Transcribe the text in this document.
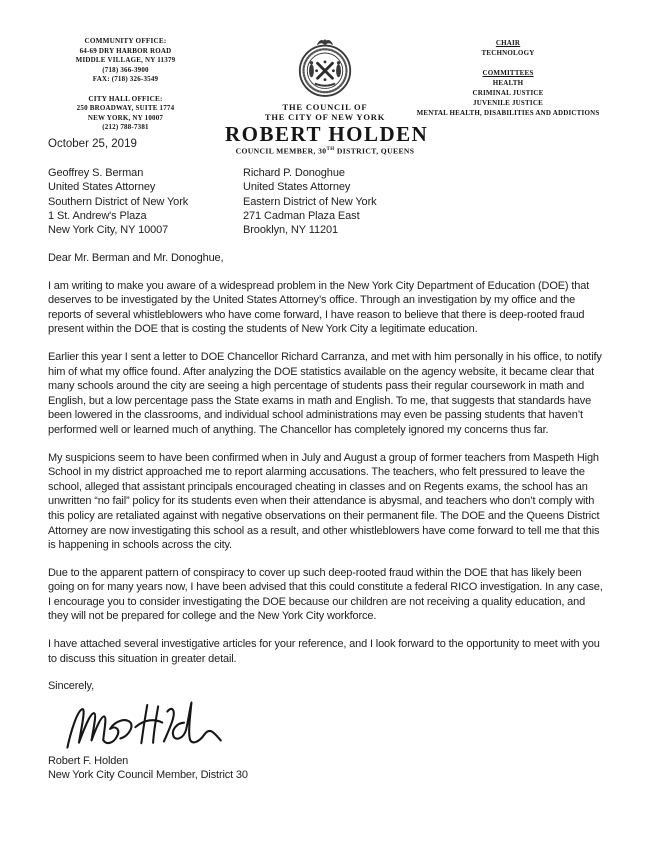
COMMUNITY OFFICE:
64-69 DRY HARBOR ROAD
MIDDLE VILLAGE, NY 11379
(718) 366-3900
FAX: (718) 326-3549
CITY HALL OFFICE:
250 BROADWAY, SUITE 1774
NEW YORK, NY 10007
(212) 788-7381
THE COUNCIL OF
THE CITY OF NEW YORK
ROBERT HOLDEN
COUNCIL MEMBER, 30TH DISTRICT, QUEENS
CHAIR
TECHNOLOGY
COMMITTEES
HEALTH
CRIMINAL JUSTICE
JUVENILE JUSTICE
MENTAL HEALTH, DISABILITIES AND ADDICTIONS
October 25, 2019
Geoffrey S. Berman
United States Attorney
Southern District of New York
1 St. Andrew's Plaza
New York City, NY 10007
Richard P. Donoghue
United States Attorney
Eastern District of New York
271 Cadman Plaza East
Brooklyn, NY 11201

Dear Mr. Berman and Mr. Donoghue,

I am writing to make you aware of a widespread problem in the New York City Department of Education (DOE) that deserves to be investigated by the United States Attorney’s office. Through an investigation by my office and the reports of several whistleblowers who have come forward, I have reason to believe that there is deep-rooted fraud present within the DOE that is costing the students of New York City a legitimate education.

Earlier this year I sent a letter to DOE Chancellor Richard Carranza, and met with him personally in his office, to notify him of what my office found. After analyzing the DOE statistics available on the agency website, it became clear that many schools around the city are seeing a high percentage of students pass their regular coursework in math and English, but a low percentage pass the State exams in math and English. To me, that suggests that standards have been lowered in the classrooms, and individual school administrations may even be passing students that haven’t performed well or learned much of anything. The Chancellor has completely ignored my concerns thus far.

My suspicions seem to have been confirmed when in July and August a group of former teachers from Maspeth High School in my district approached me to report alarming accusations. The teachers, who felt pressured to leave the school, alleged that assistant principals encouraged cheating in classes and on Regents exams, the school has an unwritten “no fail” policy for its students even when their attendance is abysmal, and teachers who don’t comply with this policy are retaliated against with negative observations on their permanent file. The DOE and the Queens District Attorney are now investigating this school as a result, and other whistleblowers have come forward to tell me that this is happening in schools across the city.

Due to the apparent pattern of conspiracy to cover up such deep-rooted fraud within the DOE that has likely been going on for many years now, I have been advised that this could constitute a federal RICO investigation. In any case, I encourage you to consider investigating the DOE because our children are not receiving a quality education, and they will not be prepared for college and the New York City workforce.

I have attached several investigative articles for your reference, and I look forward to the opportunity to meet with you to discuss this situation in greater detail.

Sincerely,

Robert F. Holden
New York City Council Member, District 30
